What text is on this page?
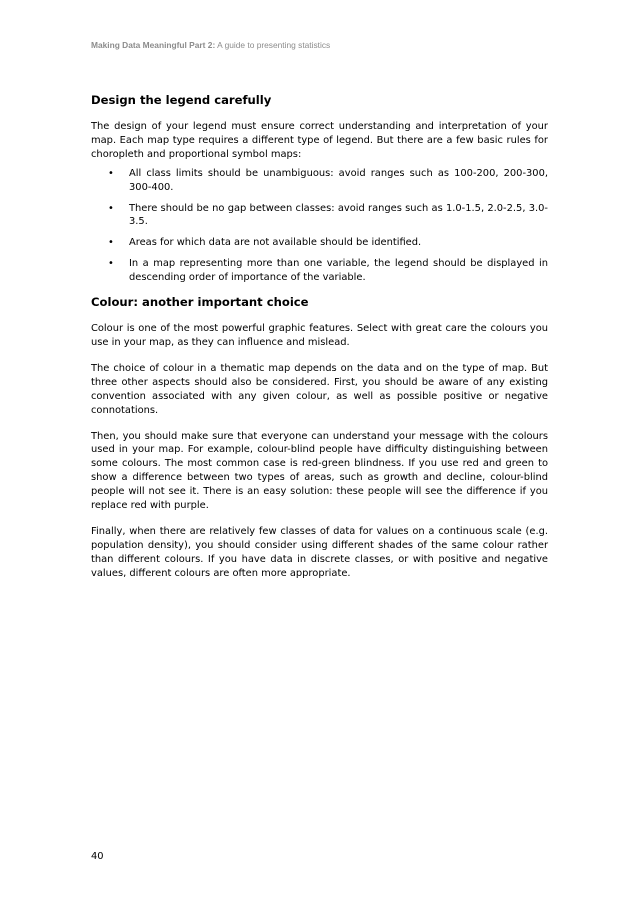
Making Data Meaningful Part 2: A guide to presenting statistics
Design the legend carefully

The design of your legend must ensure correct understanding and interpretation of your map. Each map type requires a different type of legend. But there are a few basic rules for choropleth and proportional symbol maps:

• All class limits should be unambiguous: avoid ranges such as 100-200, 200-300, 300-400.
• There should be no gap between classes: avoid ranges such as 1.0-1.5, 2.0-2.5, 3.0-3.5.
• Areas for which data are not available should be identified.
• In a map representing more than one variable, the legend should be displayed in descending order of importance of the variable.
Colour: another important choice

Colour is one of the most powerful graphic features. Select with great care the colours you use in your map, as they can influence and mislead.

The choice of colour in a thematic map depends on the data and on the type of map. But three other aspects should also be considered. First, you should be aware of any existing convention associated with any given colour, as well as possible positive or negative connotations.

Then, you should make sure that everyone can understand your message with the colours used in your map. For example, colour-blind people have difficulty distinguishing between some colours. The most common case is red-green blindness. If you use red and green to show a difference between two types of areas, such as growth and decline, colour-blind people will not see it. There is an easy solution: these people will see the difference if you replace red with purple.

Finally, when there are relatively few classes of data for values on a continuous scale (e.g. population density), you should consider using different shades of the same colour rather than different colours. If you have data in discrete classes, or with positive and negative values, different colours are often more appropriate.

40
